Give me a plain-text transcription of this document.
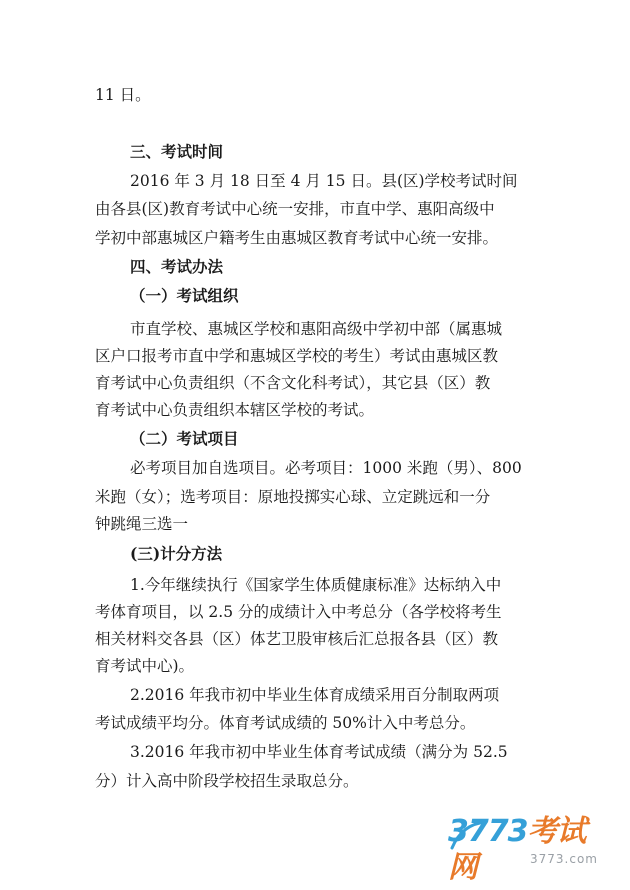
11 日。
三、考试时间
2016 年 3 月 18 日至 4 月 15 日。县(区)学校考试时间
由各县(区)教育考试中心统一安排，市直中学、惠阳高级中
学初中部惠城区户籍考生由惠城区教育考试中心统一安排。
四、考试办法
（一）考试组织
市直学校、惠城区学校和惠阳高级中学初中部（属惠城
区户口报考市直中学和惠城区学校的考生）考试由惠城区教
育考试中心负责组织（不含文化科考试），其它县（区）教
育考试中心负责组织本辖区学校的考试。
（二）考试项目
必考项目加自选项目。必考项目：1000 米跑（男）、800
米跑（女）；选考项目：原地投掷实心球、立定跳远和一分
钟跳绳三选一
(三)计分方法
1.今年继续执行《国家学生体质健康标准》达标纳入中
考体育项目，以 2.5 分的成绩计入中考总分（各学校将考生
相关材料交各县（区）体艺卫股审核后汇总报各县（区）教
育考试中心)。
2.2016 年我市初中毕业生体育成绩采用百分制取两项
考试成绩平均分。体育考试成绩的 50%计入中考总分。
3.2016 年我市初中毕业生体育考试成绩（满分为 52.5
分）计入高中阶段学校招生录取总分。
3773考试网	3773.com
